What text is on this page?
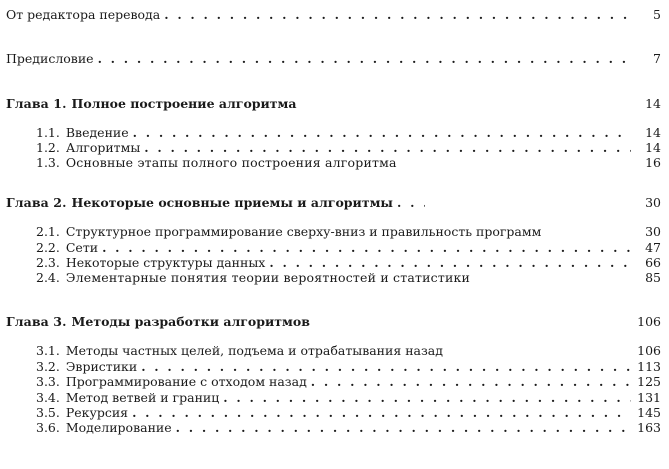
От редактора перевода . . .	5
Предисловие . . .	7
Глава 1. Полное построение алгоритма	14
1.1. Введение . . .	14
1.2. Алгоритмы . . .	14
1.3. Основные этапы полного построения алгоритма	16
Глава 2. Некоторые основные приемы и алгоритмы . . .	30
2.1. Структурное программирование сверху-вниз и правильность программ	30
2.2. Сети . . .	47
2.3. Некоторые структуры данных . . .	66
2.4. Элементарные понятия теории вероятностей и статистики	85
Глава 3. Методы разработки алгоритмов	106
3.1. Методы частных целей, подъема и отрабатывания назад	106
3.2. Эвристики . . .	113
3.3. Программирование с отходом назад . . .	125
3.4. Метод ветвей и границ . . .	131
3.5. Рекурсия . . .	145
3.6. Моделирование . . .	163
